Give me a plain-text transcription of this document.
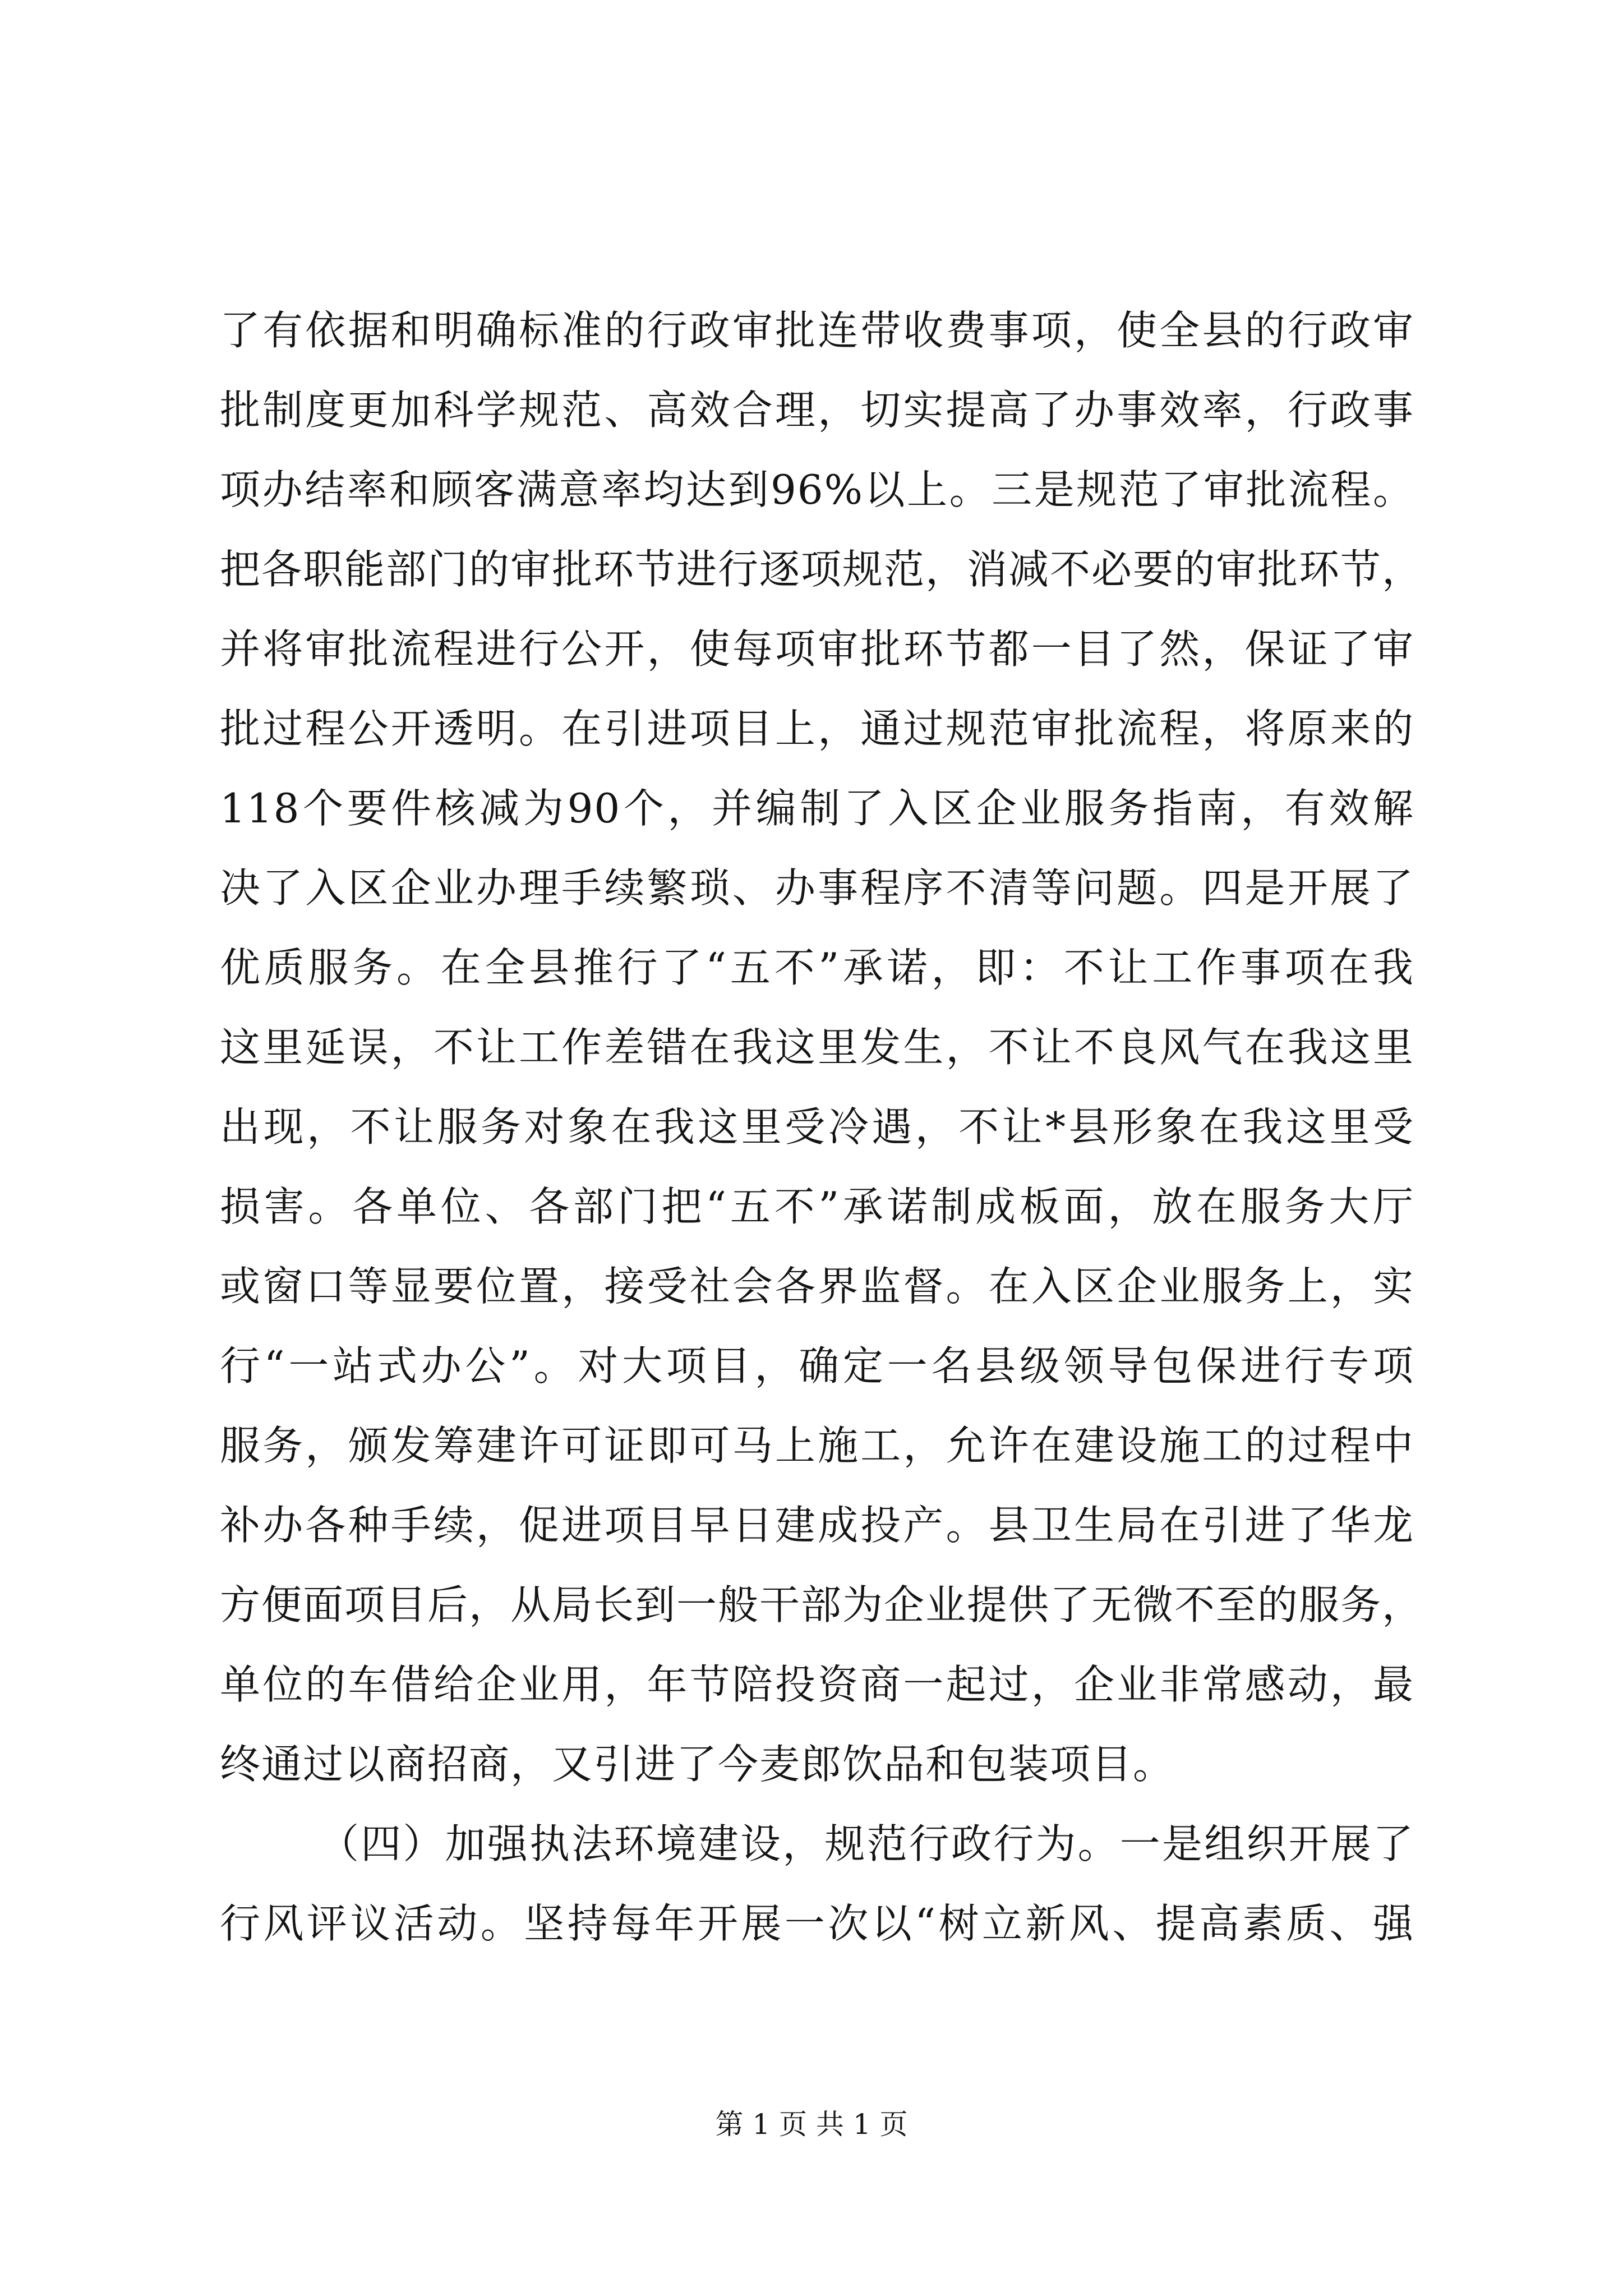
了有依据和明确标准的行政审批连带收费事项，使全县的行政审
批制度更加科学规范、高效合理，切实提高了办事效率，行政事
项办结率和顾客满意率均达到96%以上。三是规范了审批流程。
把各职能部门的审批环节进行逐项规范，消减不必要的审批环节，
并将审批流程进行公开，使每项审批环节都一目了然，保证了审
批过程公开透明。在引进项目上，通过规范审批流程，将原来的
118个要件核减为90个，并编制了入区企业服务指南，有效解
决了入区企业办理手续繁琐、办事程序不清等问题。四是开展了
优质服务。在全县推行了“五不”承诺，即：不让工作事项在我
这里延误，不让工作差错在我这里发生，不让不良风气在我这里
出现，不让服务对象在我这里受冷遇，不让*县形象在我这里受
损害。各单位、各部门把“五不”承诺制成板面，放在服务大厅
或窗口等显要位置，接受社会各界监督。在入区企业服务上，实
行“一站式办公”。对大项目，确定一名县级领导包保进行专项
服务，颁发筹建许可证即可马上施工，允许在建设施工的过程中
补办各种手续，促进项目早日建成投产。县卫生局在引进了华龙
方便面项目后，从局长到一般干部为企业提供了无微不至的服务，
单位的车借给企业用，年节陪投资商一起过，企业非常感动，最
终通过以商招商，又引进了今麦郎饮品和包装项目。
（四）加强执法环境建设，规范行政行为。一是组织开展了
行风评议活动。坚持每年开展一次以“树立新风、提高素质、强
第 1 页 共 1 页
